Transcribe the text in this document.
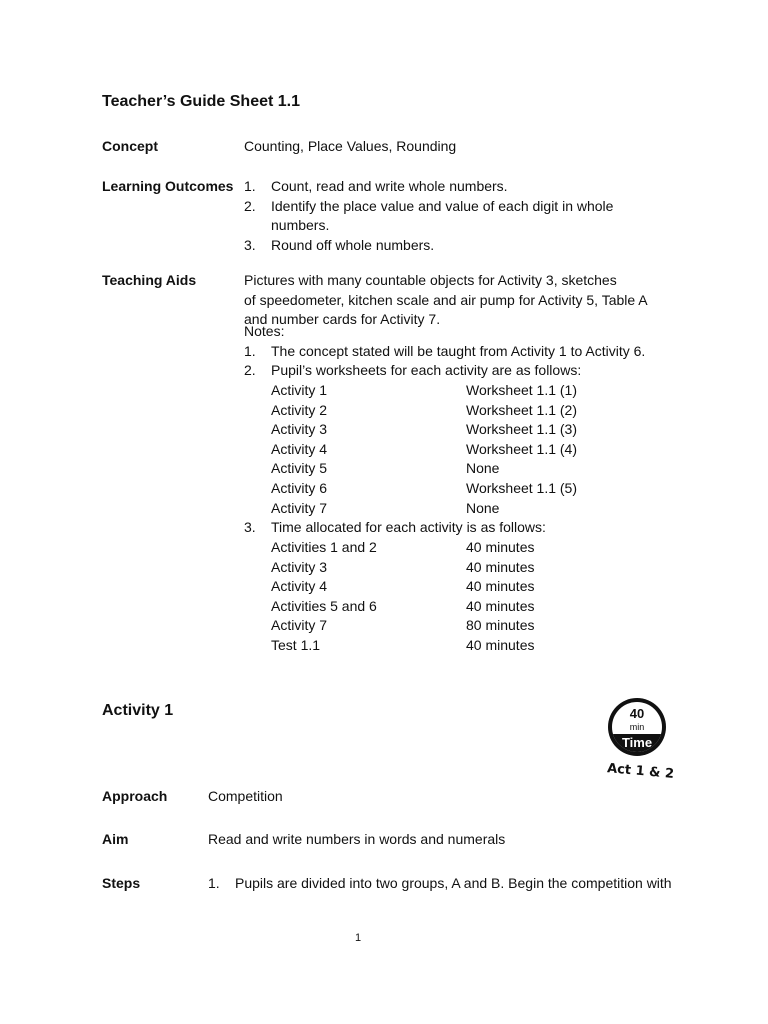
Teacher’s Guide Sheet 1.1
Concept	Counting, Place Values, Rounding
Learning Outcomes 1. Count, read and write whole numbers.
2. Identify the place value and value of each digit in whole
numbers.
3. Round off whole numbers.
Teaching Aids	Pictures with many countable objects for Activity 3, sketches
of speedometer, kitchen scale and air pump for Activity 5, Table A
and number cards for Activity 7.
Notes:
1. The concept stated will be taught from Activity 1 to Activity 6.
2. Pupil’s worksheets for each activity are as follows:
Activity 1	Worksheet 1.1 (1)
Activity 2	Worksheet 1.1 (2)
Activity 3	Worksheet 1.1 (3)
Activity 4	Worksheet 1.1 (4)
Activity 5	None
Activity 6	Worksheet 1.1 (5)
Activity 7	None
3. Time allocated for each activity is as follows:
Activities 1 and 2	40 minutes
Activity 3	40 minutes
Activity 4	40 minutes
Activities 5 and 6	40 minutes
Activity 7	80 minutes
Test 1.1	40 minutes
Activity 1	40
min
Time
Act 1 & 2
Approach	Competition
Aim	Read and write numbers in words and numerals
Steps	1. Pupils are divided into two groups, A and B. Begin the competition with
1
